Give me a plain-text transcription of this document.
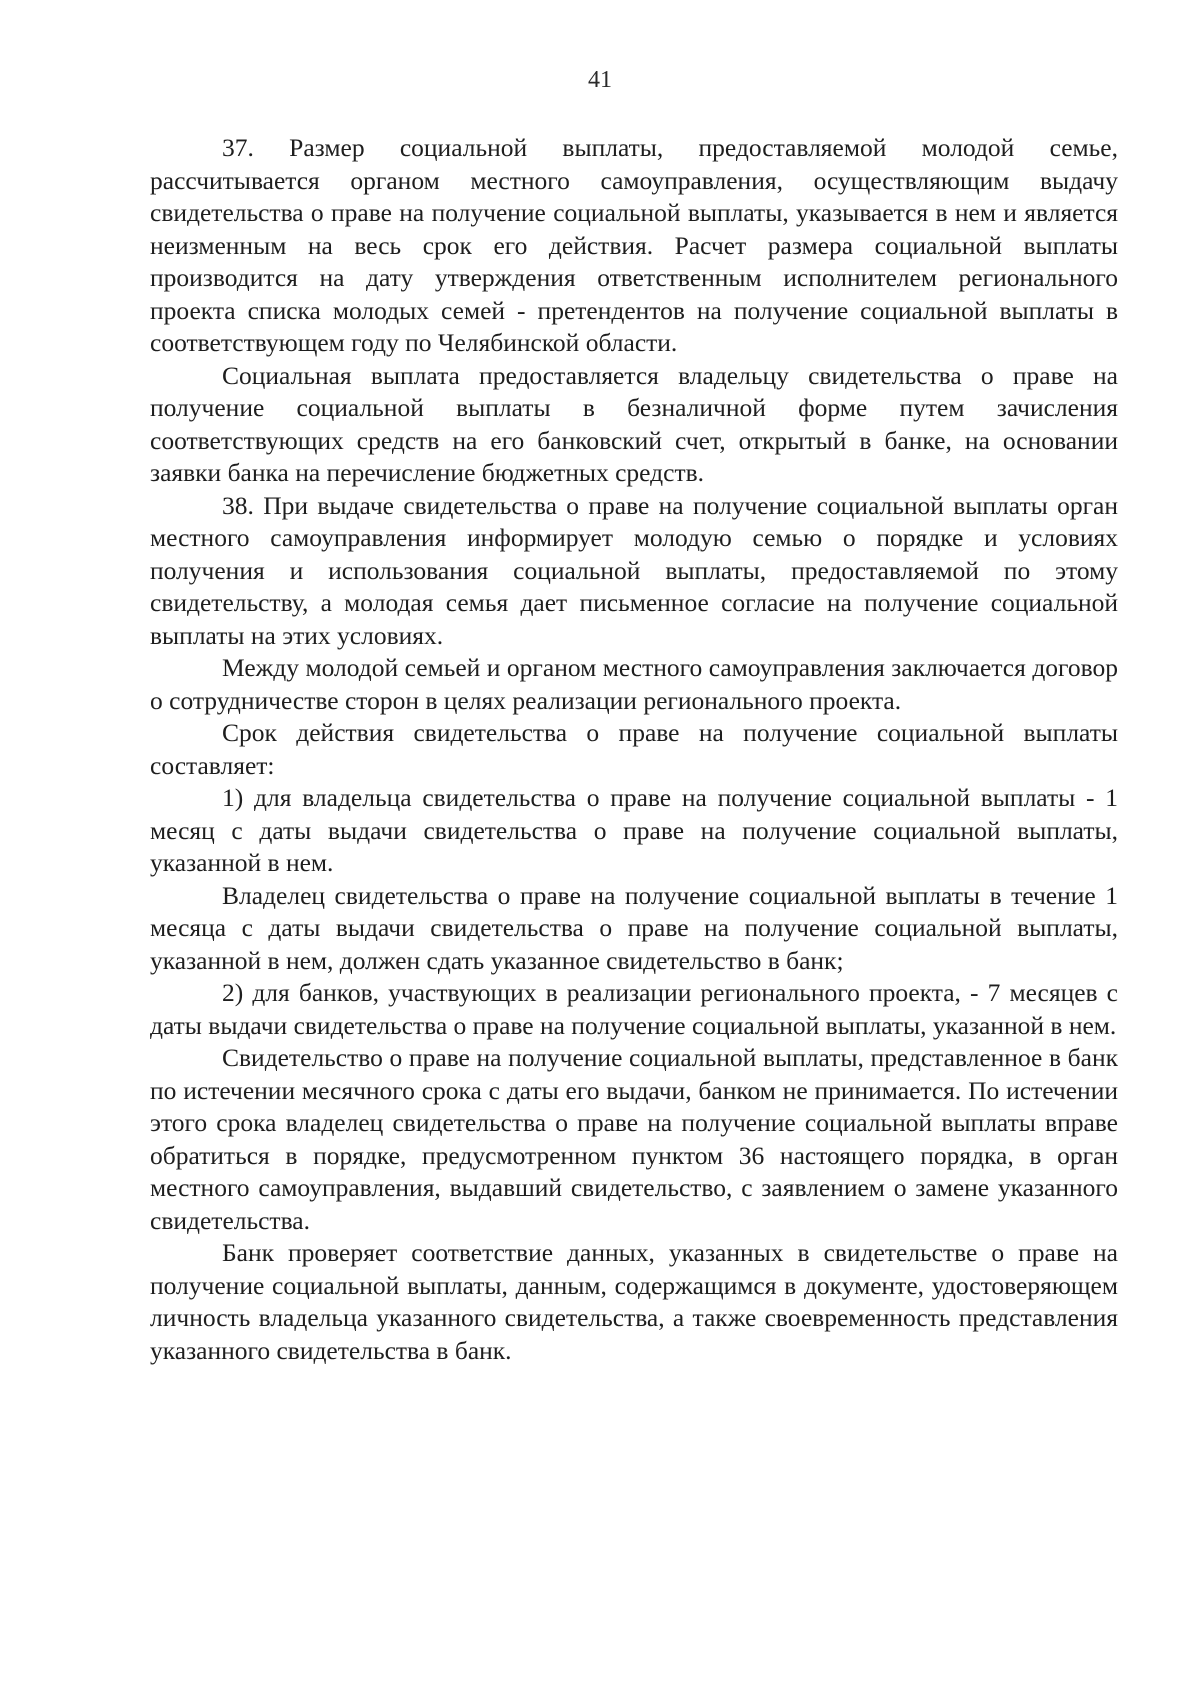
41

37. Размер социальной выплаты, предоставляемой молодой семье, рассчитывается органом местного самоуправления, осуществляющим выдачу свидетельства о праве на получение социальной выплаты, указывается в нем и является неизменным на весь срок его действия. Расчет размера социальной выплаты производится на дату утверждения ответственным исполнителем регионального проекта списка молодых семей - претендентов на получение социальной выплаты в соответствующем году по Челябинской области.

Социальная выплата предоставляется владельцу свидетельства о праве на получение социальной выплаты в безналичной форме путем зачисления соответствующих средств на его банковский счет, открытый в банке, на основании заявки банка на перечисление бюджетных средств.

38. При выдаче свидетельства о праве на получение социальной выплаты орган местного самоуправления информирует молодую семью о порядке и условиях получения и использования социальной выплаты, предоставляемой по этому свидетельству, а молодая семья дает письменное согласие на получение социальной выплаты на этих условиях.

Между молодой семьей и органом местного самоуправления заключается договор о сотрудничестве сторон в целях реализации регионального проекта.

Срок действия свидетельства о праве на получение социальной выплаты составляет:

1) для владельца свидетельства о праве на получение социальной выплаты - 1 месяц с даты выдачи свидетельства о праве на получение социальной выплаты, указанной в нем.

Владелец свидетельства о праве на получение социальной выплаты в течение 1 месяца с даты выдачи свидетельства о праве на получение социальной выплаты, указанной в нем, должен сдать указанное свидетельство в банк;

2) для банков, участвующих в реализации регионального проекта, - 7 месяцев с даты выдачи свидетельства о праве на получение социальной выплаты, указанной в нем.

Свидетельство о праве на получение социальной выплаты, представленное в банк по истечении месячного срока с даты его выдачи, банком не принимается. По истечении этого срока владелец свидетельства о праве на получение социальной выплаты вправе обратиться в порядке, предусмотренном пунктом 36 настоящего порядка, в орган местного самоуправления, выдавший свидетельство, с заявлением о замене указанного свидетельства.

Банк проверяет соответствие данных, указанных в свидетельстве о праве на получение социальной выплаты, данным, содержащимся в документе, удостоверяющем личность владельца указанного свидетельства, а также своевременность представления указанного свидетельства в банк.
